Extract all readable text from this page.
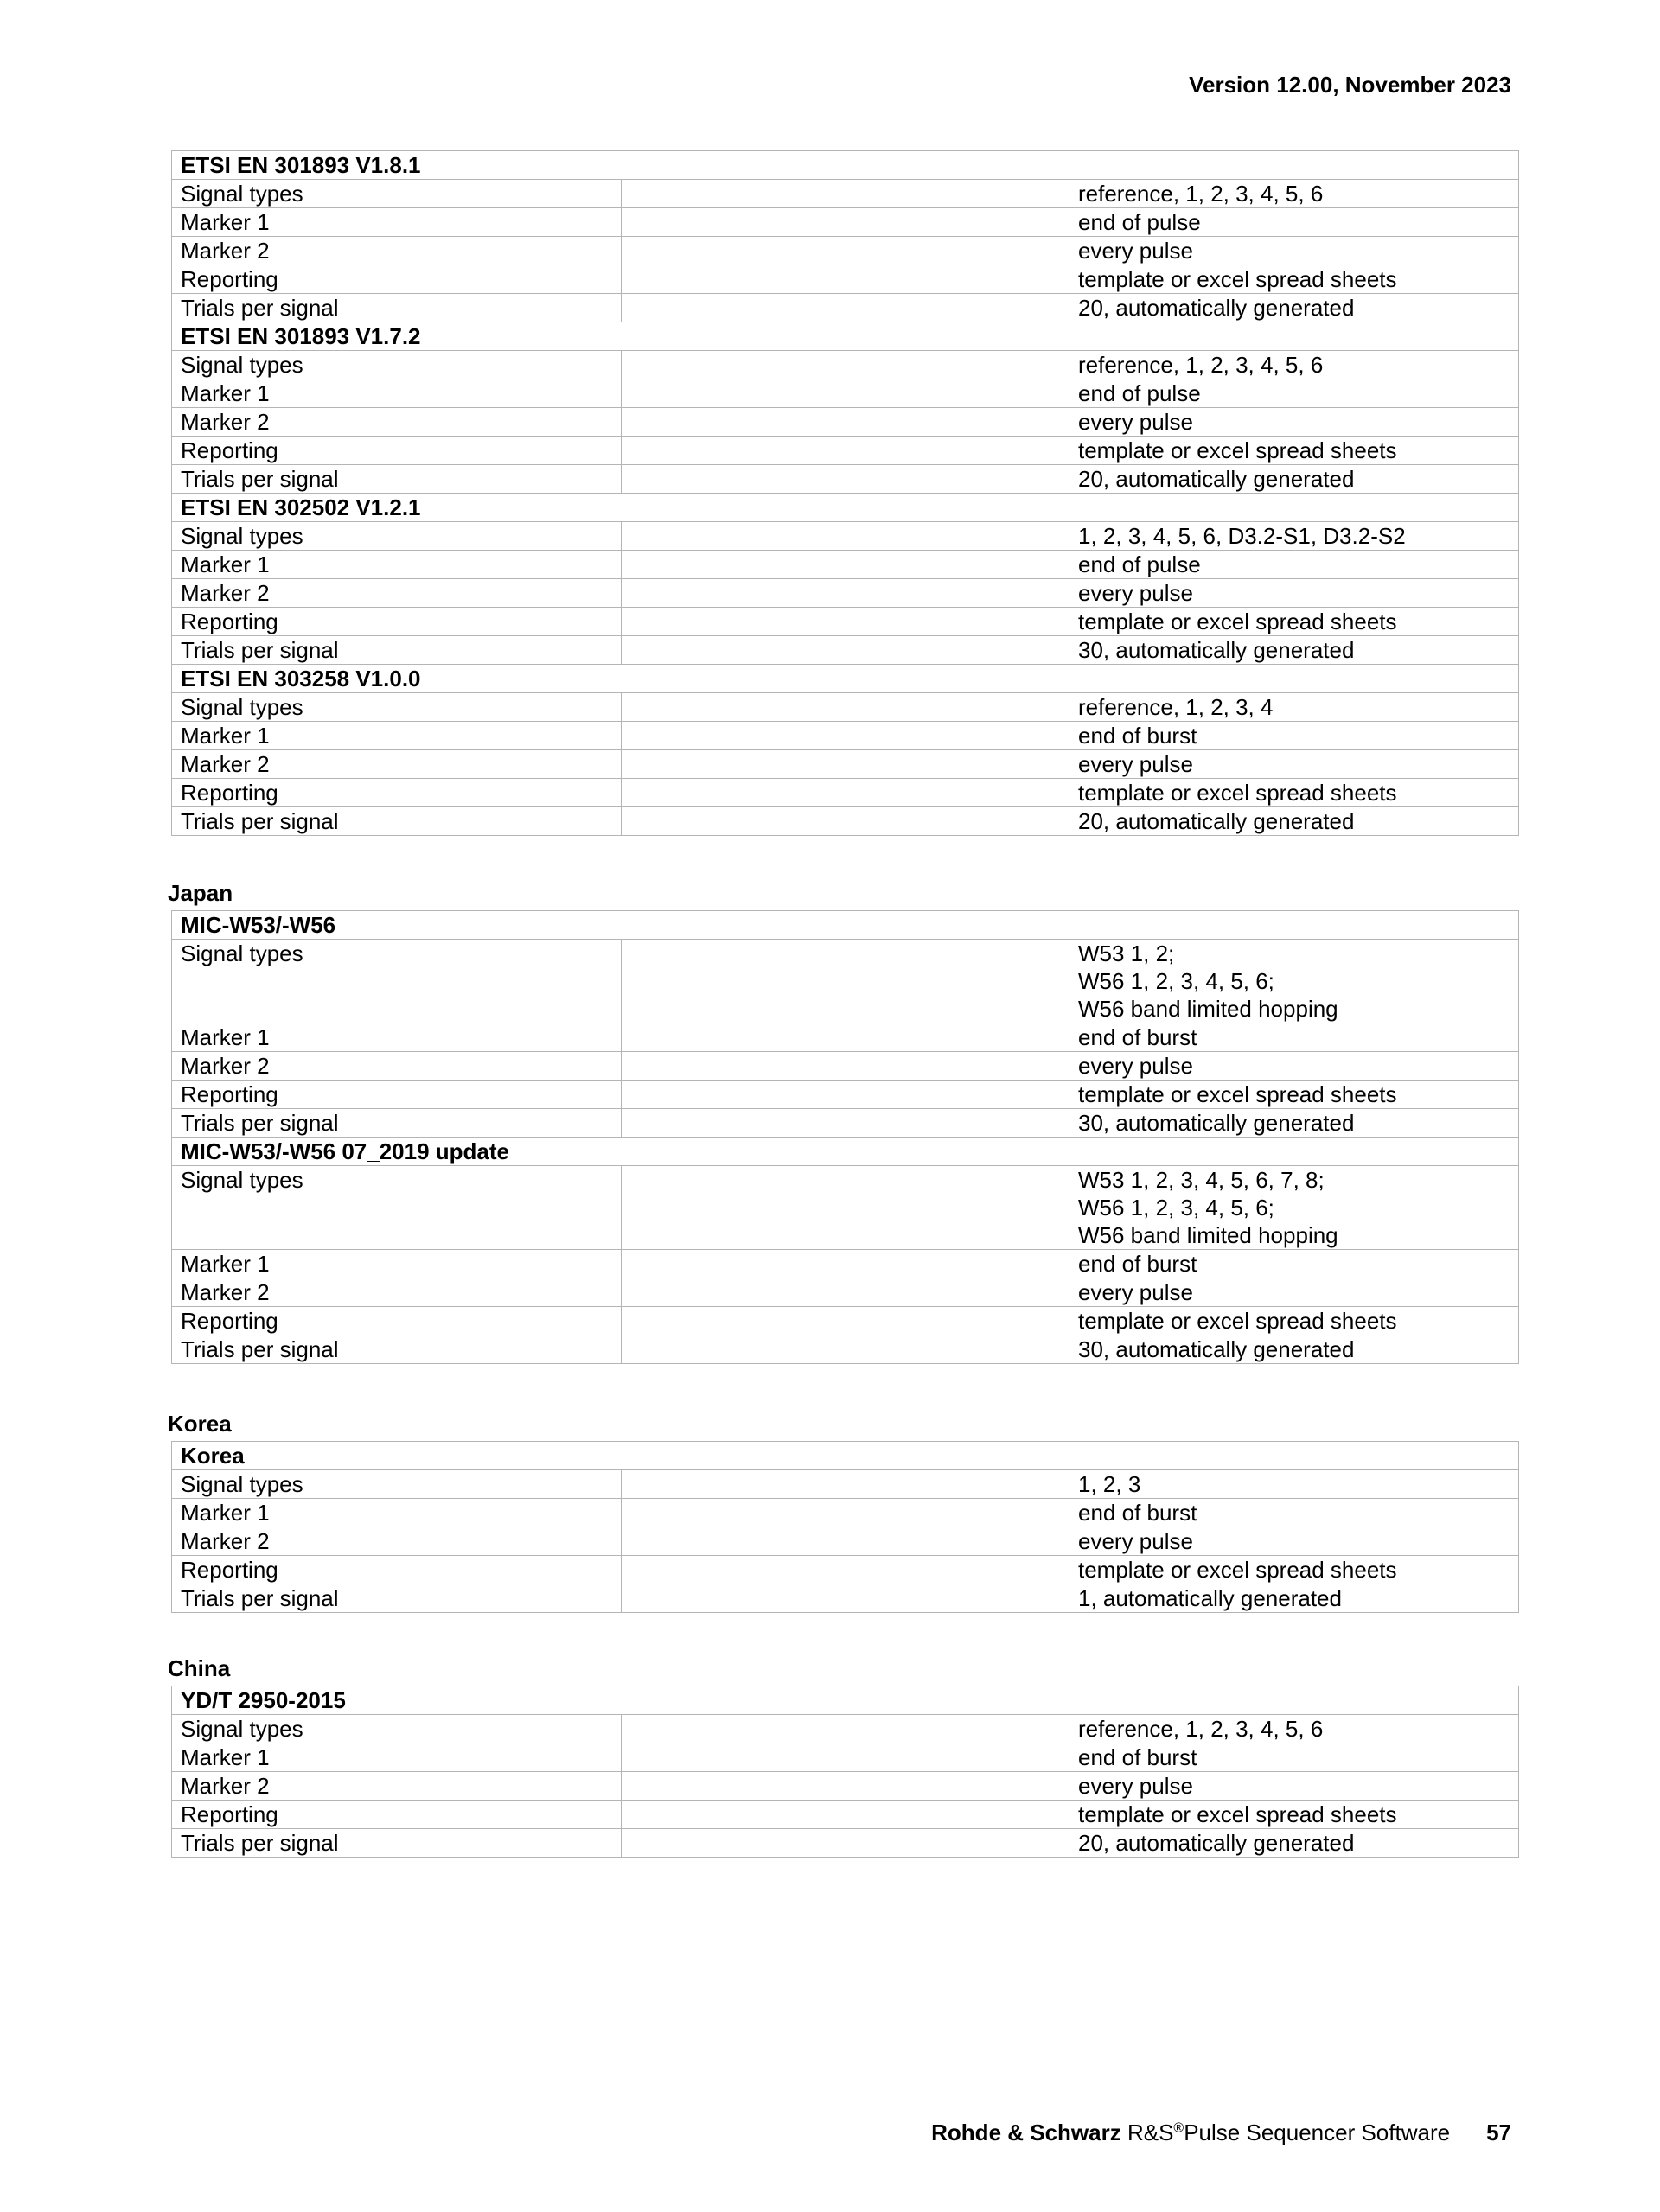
Version 12.00, November 2023
ETSI EN 301893 V1.8.1		
Signal types		reference, 1, 2, 3, 4, 5, 6
Marker 1		end of pulse
Marker 2		every pulse
Reporting		template or excel spread sheets
Trials per signal		20, automatically generated
ETSI EN 301893 V1.7.2		
Signal types		reference, 1, 2, 3, 4, 5, 6
Marker 1		end of pulse
Marker 2		every pulse
Reporting		template or excel spread sheets
Trials per signal		20, automatically generated
ETSI EN 302502 V1.2.1		
Signal types		1, 2, 3, 4, 5, 6, D3.2-S1, D3.2-S2
Marker 1		end of pulse
Marker 2		every pulse
Reporting		template or excel spread sheets
Trials per signal		30, automatically generated
ETSI EN 303258 V1.0.0		
Signal types		reference, 1, 2, 3, 4
Marker 1		end of burst
Marker 2		every pulse
Reporting		template or excel spread sheets
Trials per signal		20, automatically generated
Japan
MIC-W53/-W56		
Signal types		W53 1, 2;
W56 1, 2, 3, 4, 5, 6;
W56 band limited hopping
Marker 1		end of burst
Marker 2		every pulse
Reporting		template or excel spread sheets
Trials per signal		30, automatically generated
MIC-W53/-W56 07_2019 update		
Signal types		W53 1, 2, 3, 4, 5, 6, 7, 8;
W56 1, 2, 3, 4, 5, 6;
W56 band limited hopping
Marker 1		end of burst
Marker 2		every pulse
Reporting		template or excel spread sheets
Trials per signal		30, automatically generated
Korea
Korea		
Signal types		1, 2, 3
Marker 1		end of burst
Marker 2		every pulse
Reporting		template or excel spread sheets
Trials per signal		1, automatically generated
China
YD/T 2950-2015		
Signal types		reference, 1, 2, 3, 4, 5, 6
Marker 1		end of burst
Marker 2		every pulse
Reporting		template or excel spread sheets
Trials per signal		20, automatically generated
Rohde & Schwarz R&S®Pulse Sequencer Software 57
